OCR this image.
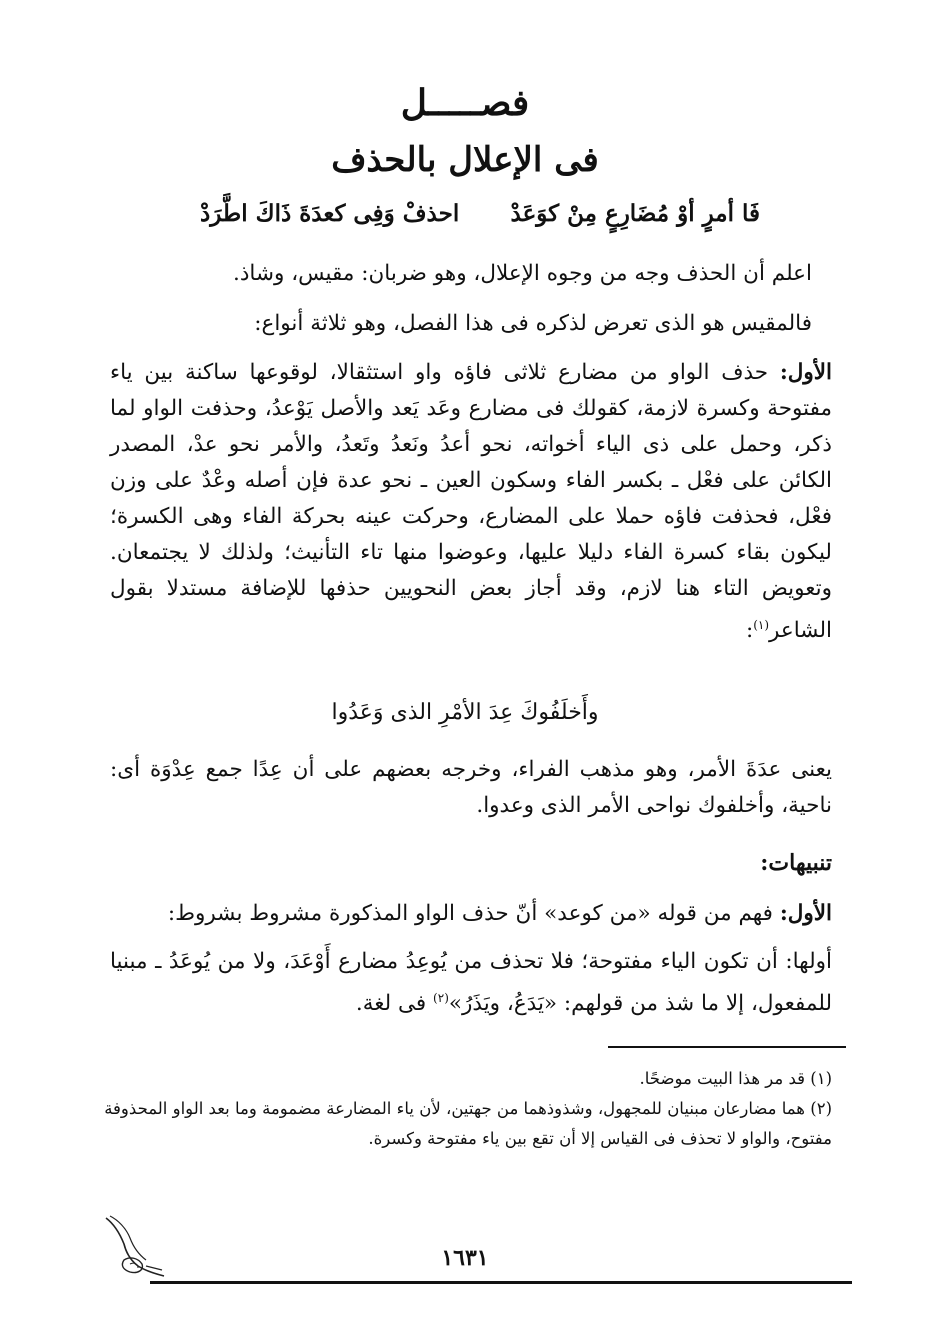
فصـــــل
فى الإعلال بالحذف
فَا أمرٍ أوْ مُضَارِعٍ مِنْ كوَعَدْ
احذفْ وَفِى كعدَةَ ذَاكَ اطَّرَدْ
اعلم أن الحذف وجه من وجوه الإعلال، وهو ضربان: مقيس، وشاذ.
فالمقيس هو الذى تعرض لذكره فى هذا الفصل، وهو ثلاثة أنواع:
الأول: حذف الواو من مضارع ثلاثى فاؤه واو استثقالا، لوقوعها ساكنة بين ياء مفتوحة وكسرة لازمة، كقولك فى مضارع وعَد يَعد والأصل يَوْعدُ، وحذفت الواو لما ذكر، وحمل على ذى الياء أخواته، نحو أعدُ ونَعدُ وتَعدُ، والأمر نحو عدْ، المصدر الكائن على فعْل ـ بكسر الفاء وسكون العين ـ نحو عدة فإن أصله وعْدٌ على وزن فعْل، فحذفت فاؤه حملا على المضارع، وحركت عينه بحركة الفاء وهى الكسرة؛ ليكون بقاء كسرة الفاء دليلا عليها، وعوضوا منها تاء التأنيث؛ ولذلك لا يجتمعان. وتعويض التاء هنا لازم، وقد أجاز بعض النحويين حذفها للإضافة مستدلا بقول الشاعر$^{(١)}$:
وأَخلَفُوكَ عِدَ الأمْرِ الذى وَعَدُوا
يعنى عدَةَ الأمر، وهو مذهب الفراء، وخرجه بعضهم على أن عِدًا جمع عِدْوَة أى: ناحية، وأخلفوك نواحى الأمر الذى وعدوا.
تنبيهات:
الأول: فهم من قوله «من كوعد» أنّ حذف الواو المذكورة مشروط بشروط:
أولها: أن تكون الياء مفتوحة؛ فلا تحذف من يُوعِدُ مضارع أَوْعَدَ، ولا من يُوعَدُ ـ مبنيا للمفعول، إلا ما شذ من قولهم: «يَدَعُ، ويَذَرُ»$^{(٢)}$ فى لغة.
(١) قد مر هذا البيت موضحًا.
(٢) هما مضارعان مبنيان للمجهول، وشذوذهما من جهتين، لأن ياء المضارعة مضمومة وما بعد الواو المحذوفة مفتوح، والواو لا تحذف فى القياس إلا أن تقع بين ياء مفتوحة وكسرة.
١٦٣١
